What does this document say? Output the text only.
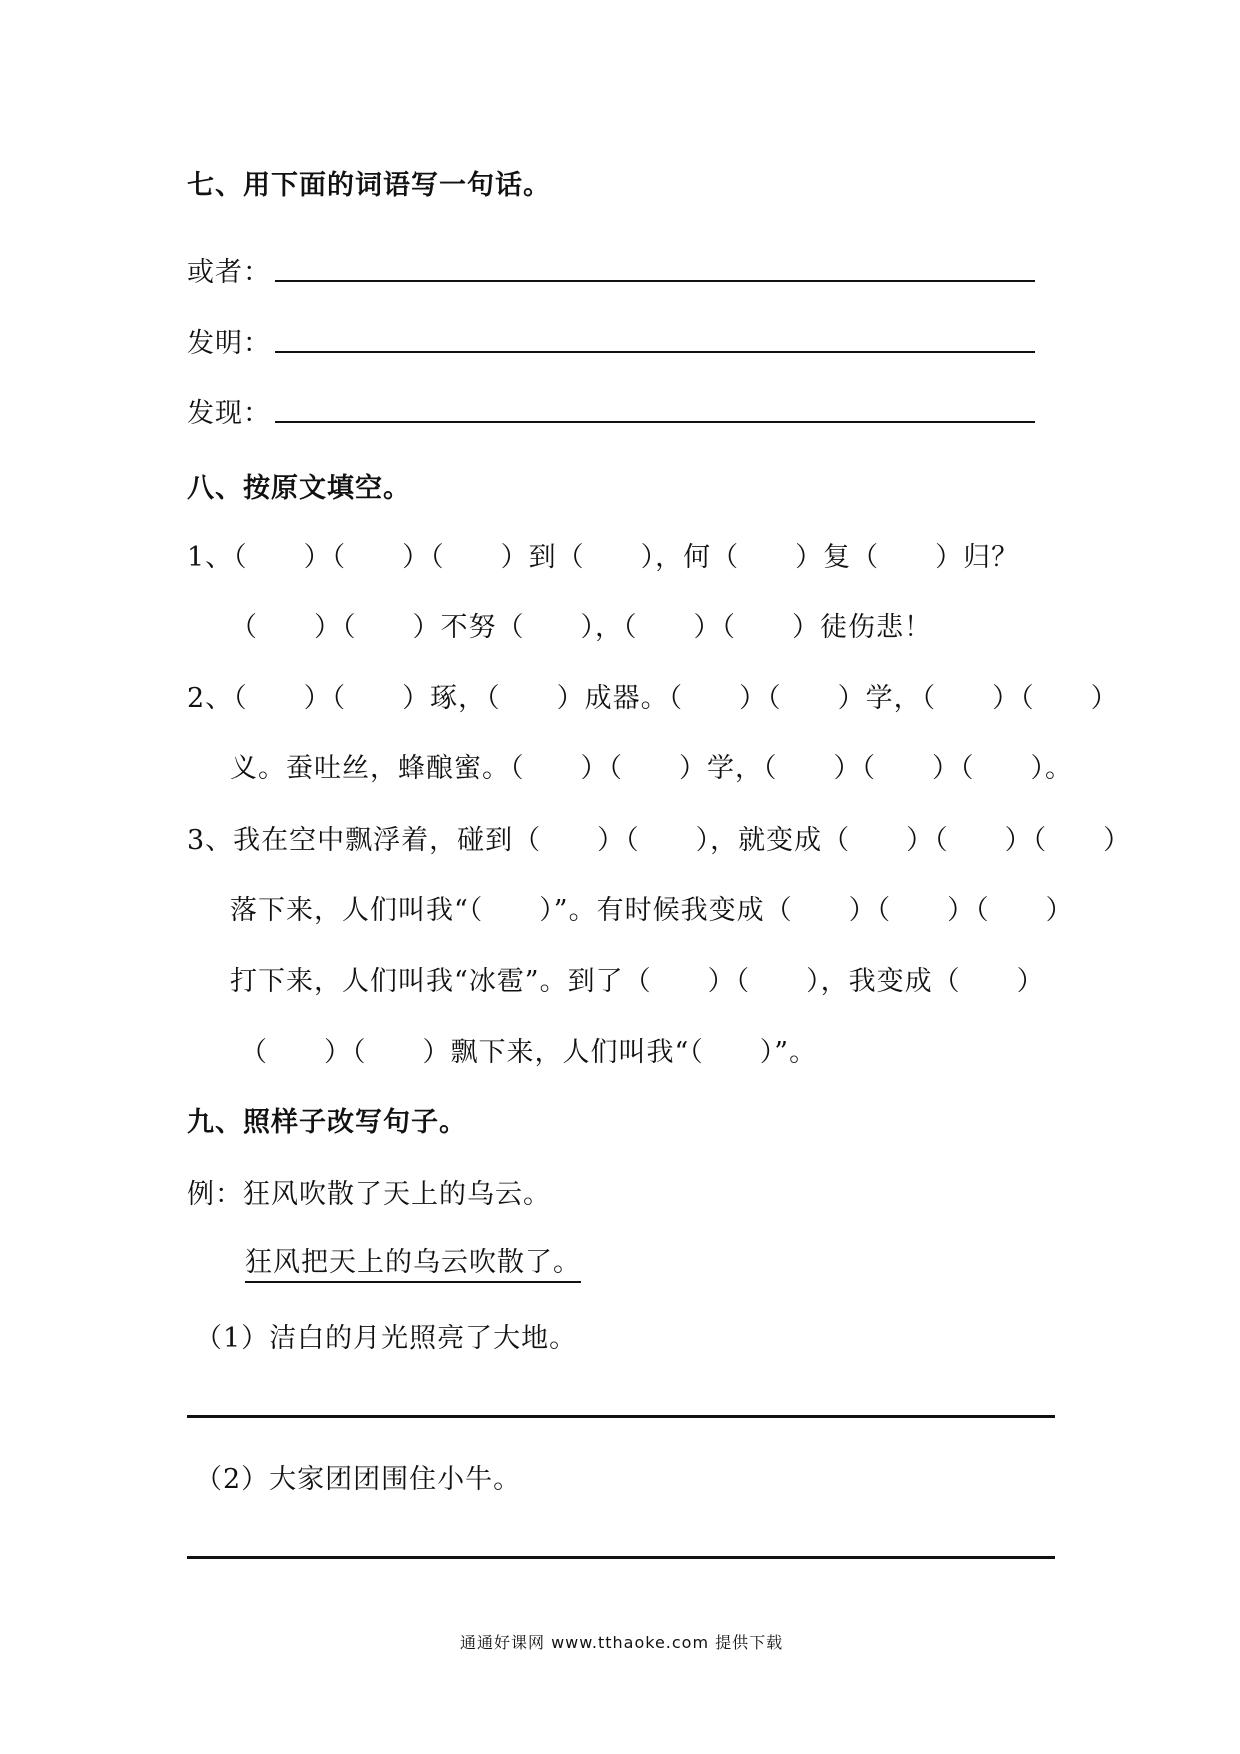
七、用下面的词语写一句话。
或者：
发明：
发现：
八、按原文填空。
1、（　　）（　　）（　　）到（　　），何（　　）复（　　）归？
（　　）（　　）不努（　　），（　　）（　　）徒伤悲！
2、（　　）（　　）琢，（　　）成器。（　　）（　　）学，（　　）（　　）
义。蚕吐丝，蜂酿蜜。（　　）（　　）学，（　　）（　　）（　　）。
3、我在空中飘浮着，碰到（　　）（　　），就变成（　　）（　　）（　　）
落下来，人们叫我“（　　）”。有时候我变成（　　）（　　）（　　）
打下来，人们叫我“冰雹”。到了（　　）（　　），我变成（　　）
（　　）（　　）飘下来，人们叫我“（　　）”。
九、照样子改写句子。
例：狂风吹散了天上的乌云。
狂风把天上的乌云吹散了。
（1）洁白的月光照亮了大地。
（2）大家团团围住小牛。
通通好课网 www.tthaoke.com 提供下载
